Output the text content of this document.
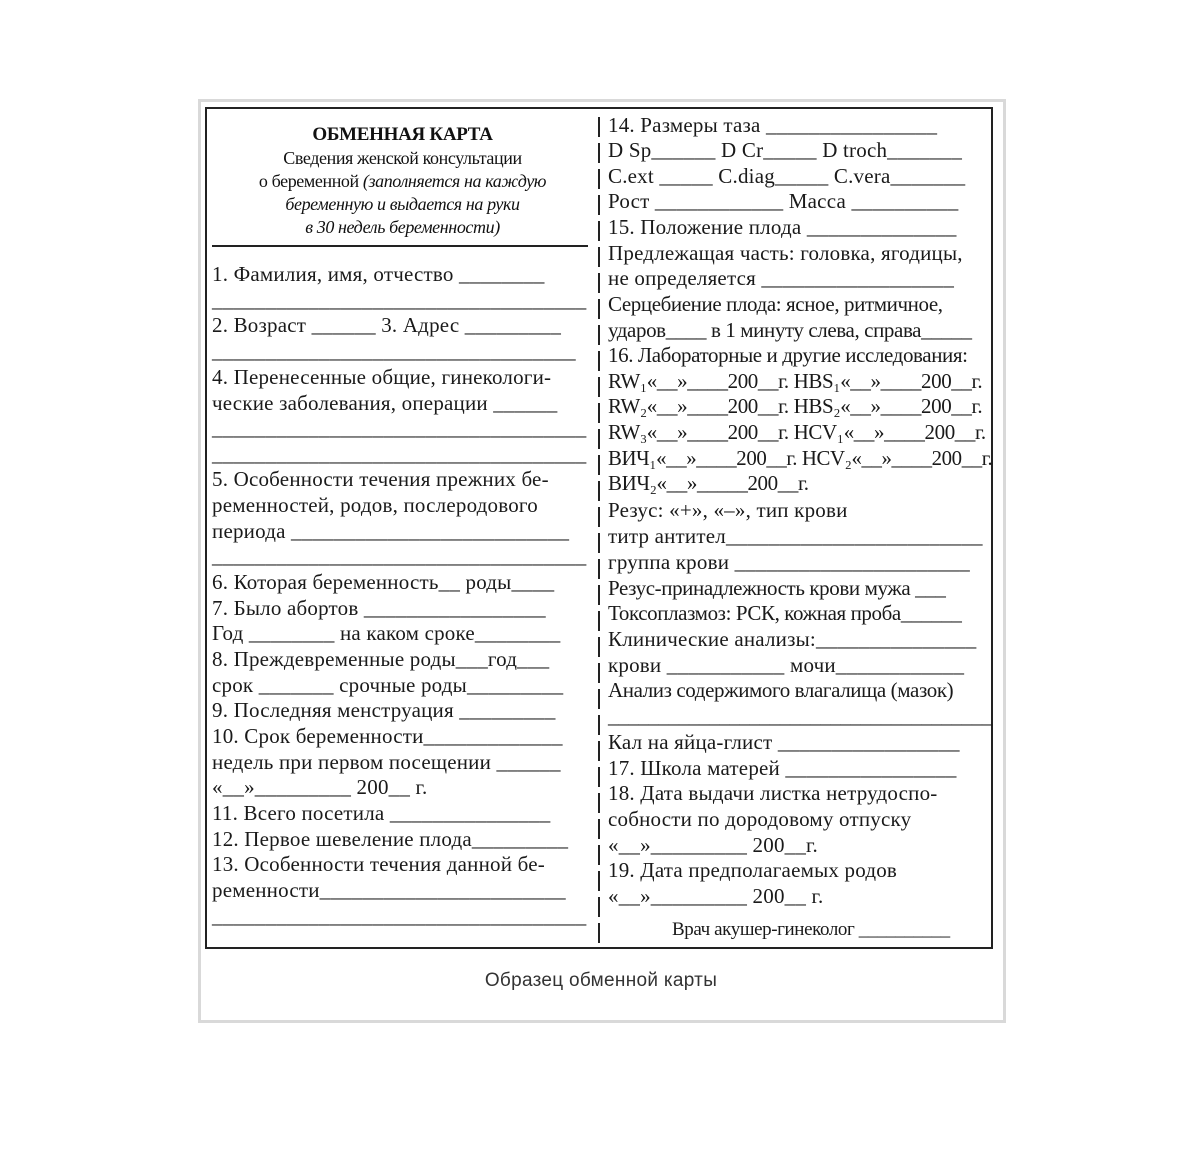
ОБМЕННАЯ КАРТА
Сведения женской консультации
о беременной (заполняется на каждую
беременную и выдается на руки
в 30 недель беременности)
1. Фамилия, имя, отчество ________
___________________________________
2. Возраст ______ 3. Адрес _________
__________________________________
4. Перенесенные общие, гинекологи-
ческие заболевания, операции ______
___________________________________
___________________________________
5. Особенности течения прежних бе-
ременностей, родов, послеродового
периода __________________________
___________________________________
6. Которая беременность__ роды____
7. Было абортов _________________
Год ________ на каком сроке________
8. Преждевременные роды___год___
срок _______ срочные роды_________
9. Последняя менструация _________
10. Срок беременности_____________
недель при первом посещении ______
«__»_________ 200__ г.
11. Всего посетила _______________
12. Первое шевеление плода_________
13. Особенности течения данной бе-
ременности_______________________
___________________________________
14. Размеры таза ________________
D Sp______ D Cr_____ D troch_______
C.ext _____ C.diag_____ C.vera_______
Рост ____________ Масса __________
15. Положение плода ______________
Предлежащая часть: головка, ягодицы,
не определяется __________________
Серцебиение плода: ясное, ритмичное,
ударов____ в 1 минуту слева, справа_____
16. Лабораторные и другие исследования:
RW₁«__»____200__г. HBS₁«__»____200__г.
RW₂«__»____200__г. HBS₂«__»____200__г.
RW₃«__»____200__г. HCV₁«__»____200__г.
ВИЧ₁«__»____200__г. HCV₂«__»____200__г.
ВИЧ₂«__»_____200__г.
Резус: «+», «–», тип крови
титр антител________________________
группа крови ______________________
Резус-принадлежность крови мужа ___
Токсоплазмоз: РСК, кожная проба______
Клинические анализы:_______________
крови ___________ мочи____________
Анализ содержимого влагалища (мазок)
______________________________________
Кал на яйца-глист _________________
17. Школа матерей ________________
18. Дата выдачи листка нетрудоспо-
собности по дородовому отпуску
«__»_________ 200__г.
19. Дата предполагаемых родов
«__»_________ 200__ г.
Врач акушер-гинеколог __________
Образец обменной карты
